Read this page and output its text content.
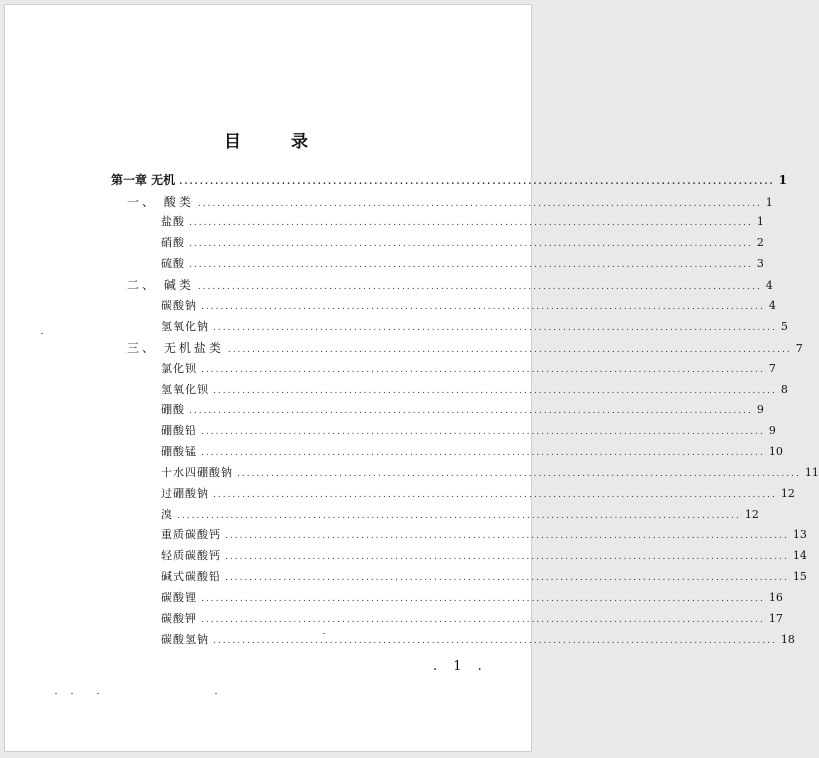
目 录
第一章 无机 .................................................................................................................... 1
一、 酸类 .................................................................................................................... 1
盐酸 .................................................................................................................... 1
硝酸 .................................................................................................................... 2
硫酸 .................................................................................................................... 3
二、 碱类 .................................................................................................................... 4
碳酸钠 .................................................................................................................... 4
氢氧化钠 .................................................................................................................... 5
三、 无机盐类 .................................................................................................................... 7
氯化钡 .................................................................................................................... 7
氢氧化钡 .................................................................................................................... 8
硼酸 .................................................................................................................... 9
硼酸铅 .................................................................................................................... 9
硼酸锰 .................................................................................................................... 10
十水四硼酸钠 .................................................................................................................... 11
过硼酸钠 .................................................................................................................... 12
溴 .................................................................................................................... 12
重质碳酸钙 .................................................................................................................... 13
轻质碳酸钙 .................................................................................................................... 14
碱式碳酸铅 .................................................................................................................... 15
碳酸锂 .................................................................................................................... 16
碳酸钾 .................................................................................................................... 17
碳酸氢钠 .................................................................................................................... 18
. 1 .
